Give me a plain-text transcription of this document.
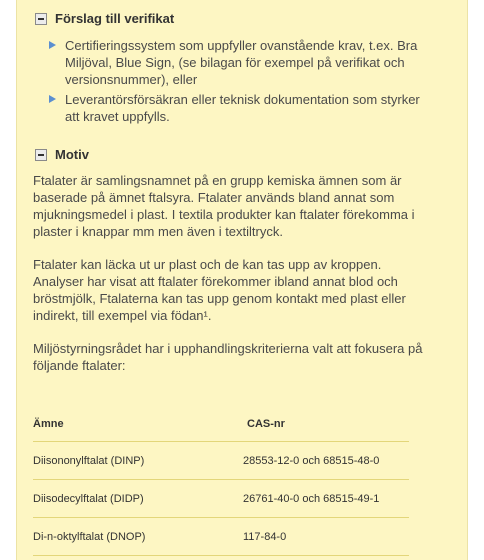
Förslag till verifikat
Certifieringssystem som uppfyller ovanstående krav, t.ex. Bra Miljöval, Blue Sign, (se bilagan för exempel på verifikat och versionsnummer), eller
Leverantörsförsäkran eller teknisk dokumentation som styrker att kravet uppfylls.
Motiv

Ftalater är samlingsnamnet på en grupp kemiska ämnen som är baserade på ämnet ftalsyra. Ftalater används bland annat som mjukningsmedel i plast. I textila produkter kan ftalater förekomma i plaster i knappar mm men även i textiltryck.

Ftalater kan läcka ut ur plast och de kan tas upp av kroppen. Analyser har visat att ftalater förekommer ibland annat blod och bröstmjölk, Ftalaterna kan tas upp genom kontakt med plast eller indirekt, till exempel via födan¹.

Miljöstyrningsrådet har i upphandlingskriterierna valt att fokusera på följande ftalater:

Ämne	CAS-nr
Diisononylftalat (DINP)	28553-12-0 och 68515-48-0
Diisodecylftalat (DIDP)	26761-40-0 och 68515-49-1
Di-n-oktylftalat (DNOP)	117-84-0
